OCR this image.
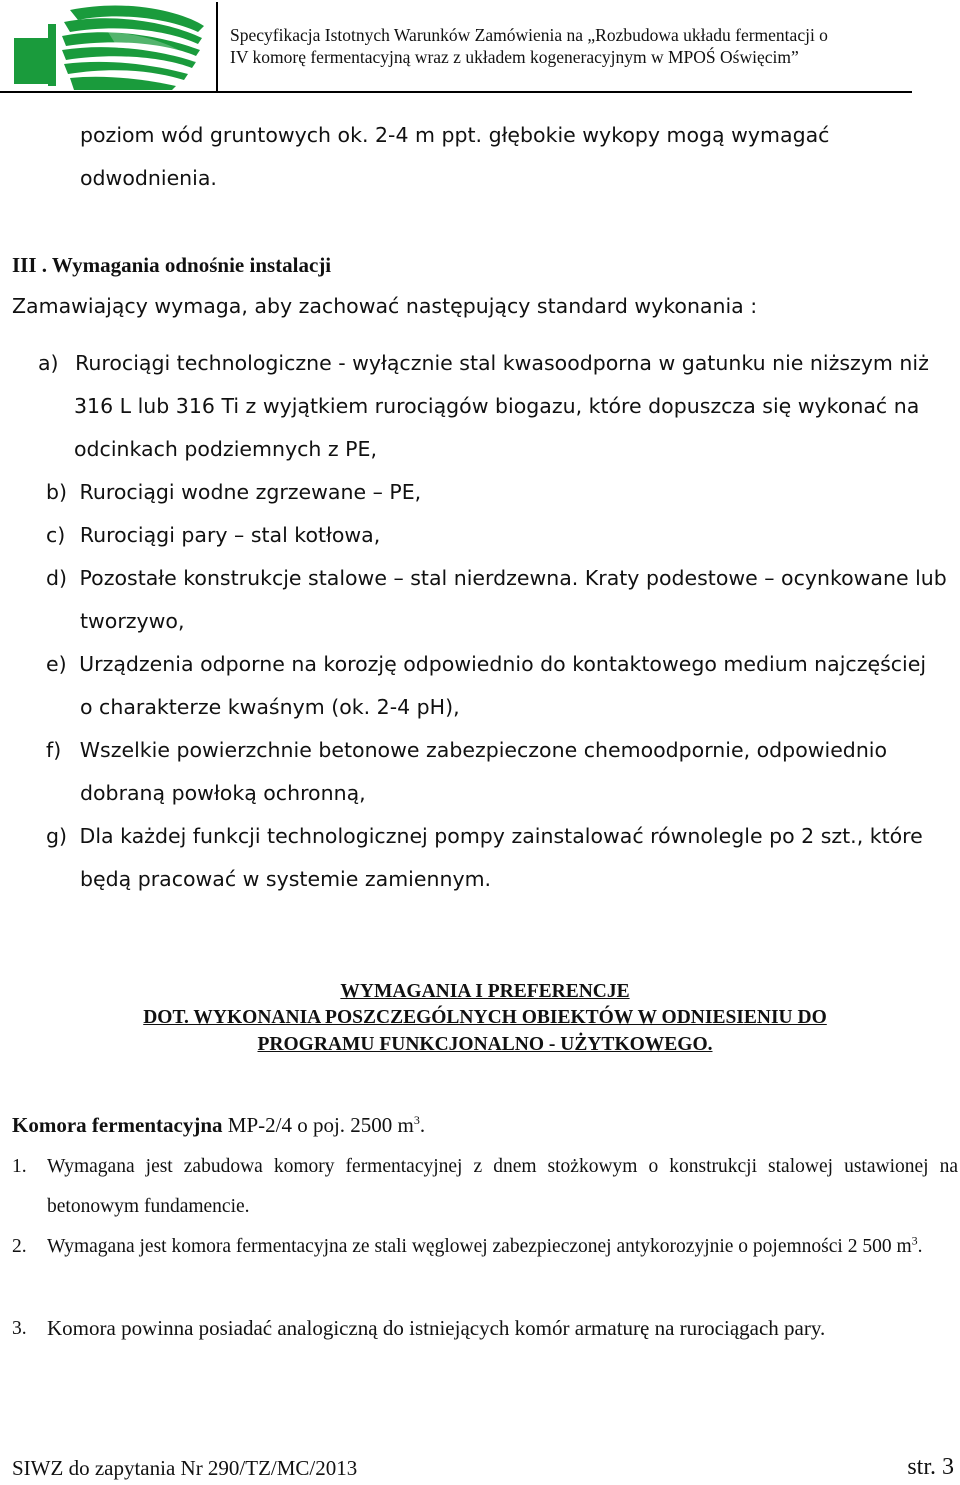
Specyfikacja Istotnych Warunków Zamówienia na „Rozbudowa układu fermentacji o
IV komorę fermentacyjną wraz z układem kogeneracyjnym w MPOŚ Oświęcim”
poziom wód gruntowych ok. 2-4 m ppt. głębokie wykopy mogą wymagać
odwodnienia.
III . Wymagania odnośnie instalacji
Zamawiający wymaga, aby zachować następujący standard wykonania :
a) Rurociągi technologiczne - wyłącznie stal kwasoodporna w gatunku nie niższym niż
316 L lub 316 Ti z wyjątkiem rurociągów biogazu, które dopuszcza się wykonać na
odcinkach podziemnych z PE,
b) Rurociągi wodne zgrzewane – PE,
c) Rurociągi pary – stal kotłowa,
d) Pozostałe konstrukcje stalowe – stal nierdzewna. Kraty podestowe – ocynkowane lub
tworzywo,
e) Urządzenia odporne na korozję odpowiednio do kontaktowego medium najczęściej
o charakterze kwaśnym (ok. 2-4 pH),
f) Wszelkie powierzchnie betonowe zabezpieczone chemoodpornie, odpowiednio
dobraną powłoką ochronną,
g) Dla każdej funkcji technologicznej pompy zainstalować równolegle po 2 szt., które
będą pracować w systemie zamiennym.
WYMAGANIA I PREFERENCJE
DOT. WYKONANIA POSZCZEGÓLNYCH OBIEKTÓW W ODNIESIENIU DO
PROGRAMU FUNKCJONALNO - UŻYTKOWEGO.
Komora fermentacyjna MP-2/4 o poj. 2500 $m^3$.
1. Wymagana jest zabudowa komory fermentacyjnej z dnem stożkowym o konstrukcji stalowej ustawionej na betonowym fundamencie.
2. Wymagana jest komora fermentacyjna ze stali węglowej zabezpieczonej antykorozyjnie o pojemności 2 500 $m^3$.
3. Komora powinna posiadać analogiczną do istniejących komór armaturę na rurociągach pary.
SIWZ do zapytania Nr 290/TZ/MC/2013	str. 3
